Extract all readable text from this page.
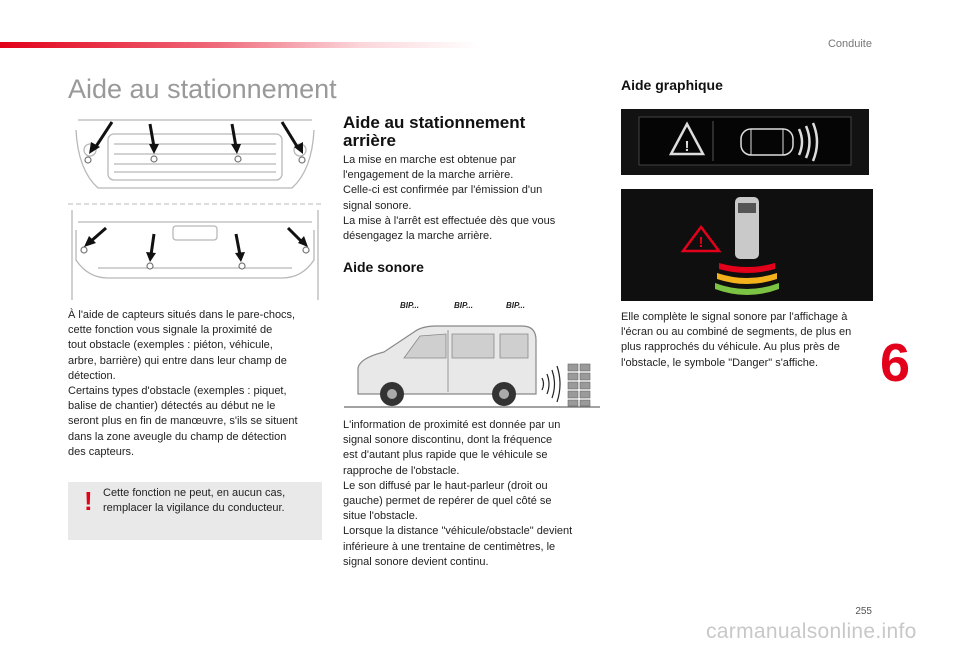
Conduite
Aide au stationnement
À l'aide de capteurs situés dans le pare-chocs,
cette fonction vous signale la proximité de
tout obstacle (exemples : piéton, véhicule,
arbre, barrière) qui entre dans leur champ de
détection.
Certains types d'obstacle (exemples : piquet,
balise de chantier) détectés au début ne le
seront plus en fin de manœuvre, s'ils se situent
dans la zone aveugle du champ de détection
des capteurs.
! Cette fonction ne peut, en aucun cas,
remplacer la vigilance du conducteur.
Aide au stationnement
arrière
La mise en marche est obtenue par
l'engagement de la marche arrière.
Celle-ci est confirmée par l'émission d'un
signal sonore.
La mise à l'arrêt est effectuée dès que vous
désengagez la marche arrière.
Aide sonore
BIP...	BIP...	BIP...
L'information de proximité est donnée par un
signal sonore discontinu, dont la fréquence
est d'autant plus rapide que le véhicule se
rapproche de l'obstacle.
Le son diffusé par le haut-parleur (droit ou
gauche) permet de repérer de quel côté se
situe l'obstacle.
Lorsque la distance "véhicule/obstacle" devient
inférieure à une trentaine de centimètres, le
signal sonore devient continu.
Aide graphique
!
!
Elle complète le signal sonore par l'affichage à
l'écran ou au combiné de segments, de plus en
plus rapprochés du véhicule. Au plus près de
l'obstacle, le symbole "Danger" s'affiche.	6
255
carmanualsonline.info
